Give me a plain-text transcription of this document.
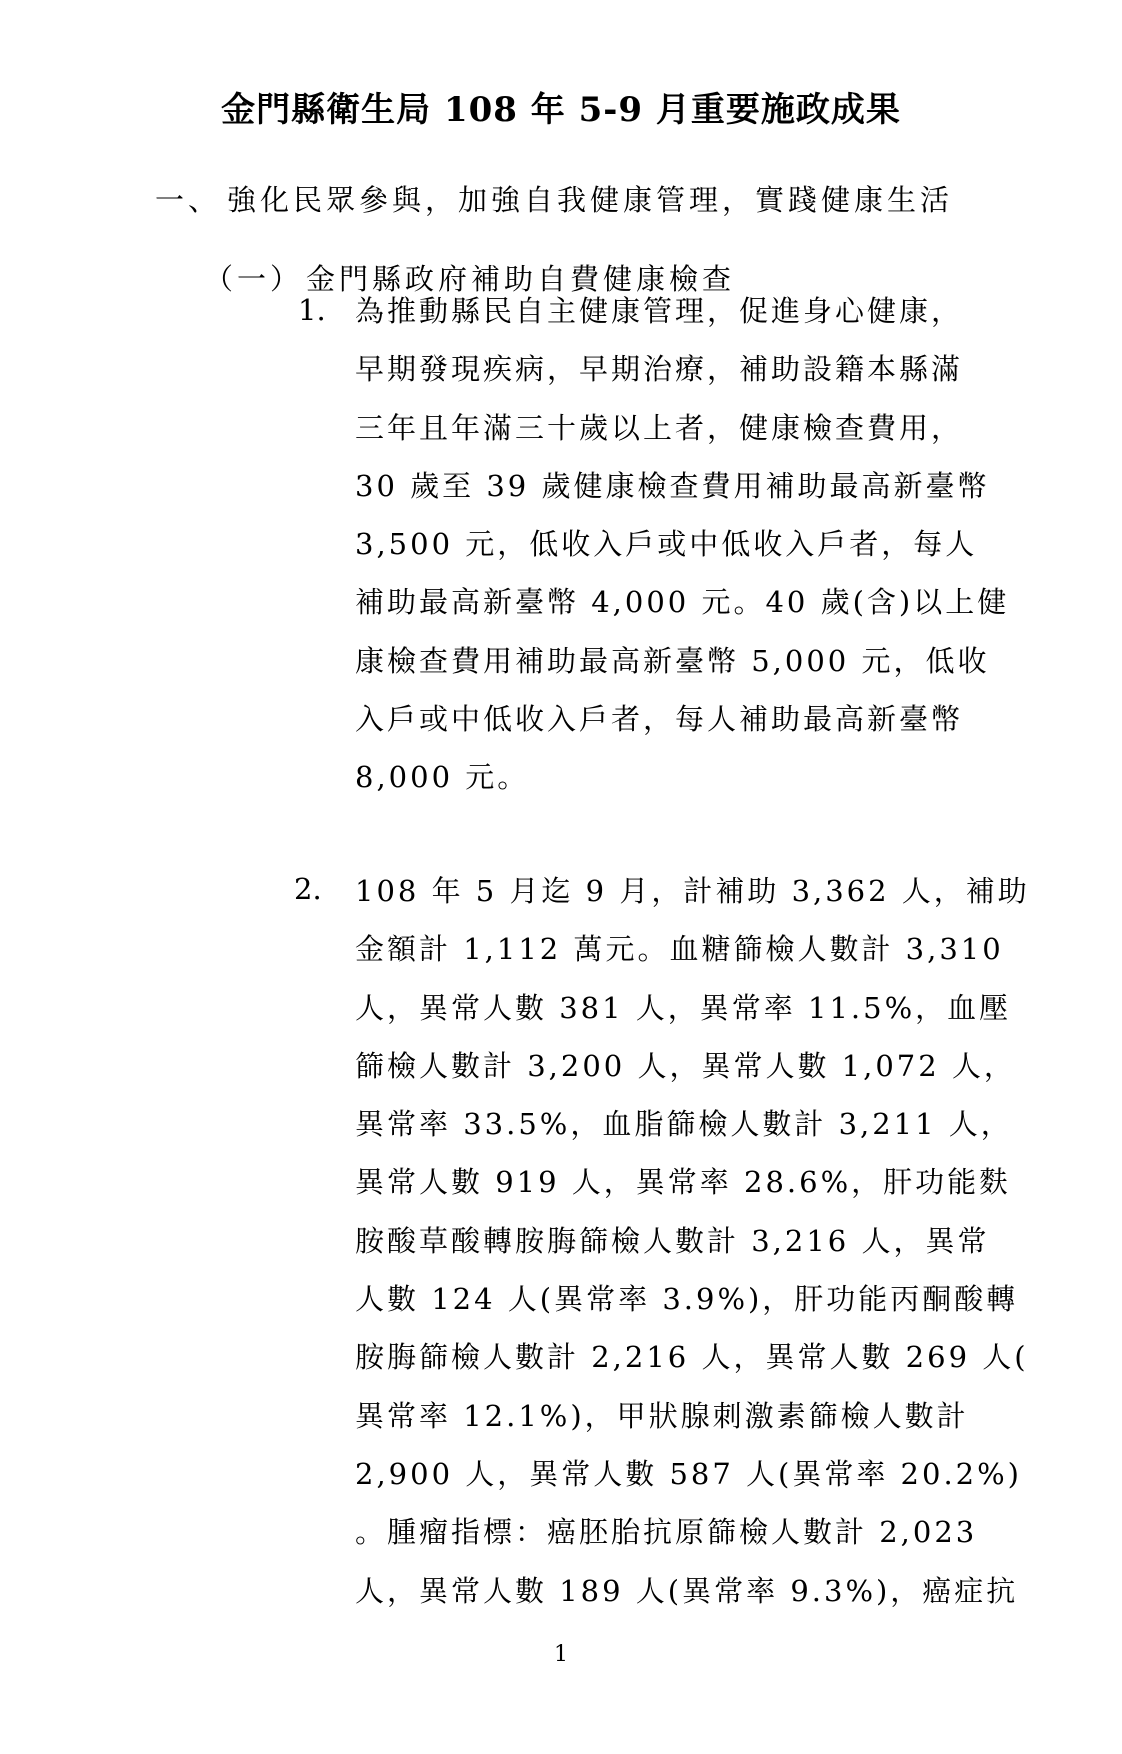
金門縣衛生局 108 年 5-9 月重要施政成果
一、 強化民眾參與，加強自我健康管理，實踐健康生活
（一） 金門縣政府補助自費健康檢查
1. 為推動縣民自主健康管理，促進身心健康，
早期發現疾病，早期治療，補助設籍本縣滿
三年且年滿三十歲以上者，健康檢查費用，
30 歲至 39 歲健康檢查費用補助最高新臺幣
3,500 元，低收入戶或中低收入戶者，每人
補助最高新臺幣 4,000 元。40 歲(含)以上健
康檢查費用補助最高新臺幣 5,000 元，低收
入戶或中低收入戶者，每人補助最高新臺幣
8,000 元。
2. 108 年 5 月迄 9 月，計補助 3,362 人，補助
金額計 1,112 萬元。血糖篩檢人數計 3,310
人，異常人數 381 人，異常率 11.5%，血壓
篩檢人數計 3,200 人，異常人數 1,072 人，
異常率 33.5%，血脂篩檢人數計 3,211 人，
異常人數 919 人，異常率 28.6%，肝功能麩
胺酸草酸轉胺脢篩檢人數計 3,216 人，異常
人數 124 人(異常率 3.9%)，肝功能丙酮酸轉
胺脢篩檢人數計 2,216 人，異常人數 269 人(
異常率 12.1%)，甲狀腺刺激素篩檢人數計
2,900 人，異常人數 587 人(異常率 20.2%)
。腫瘤指標：癌胚胎抗原篩檢人數計 2,023
人，異常人數 189 人(異常率 9.3%)，癌症抗
1
